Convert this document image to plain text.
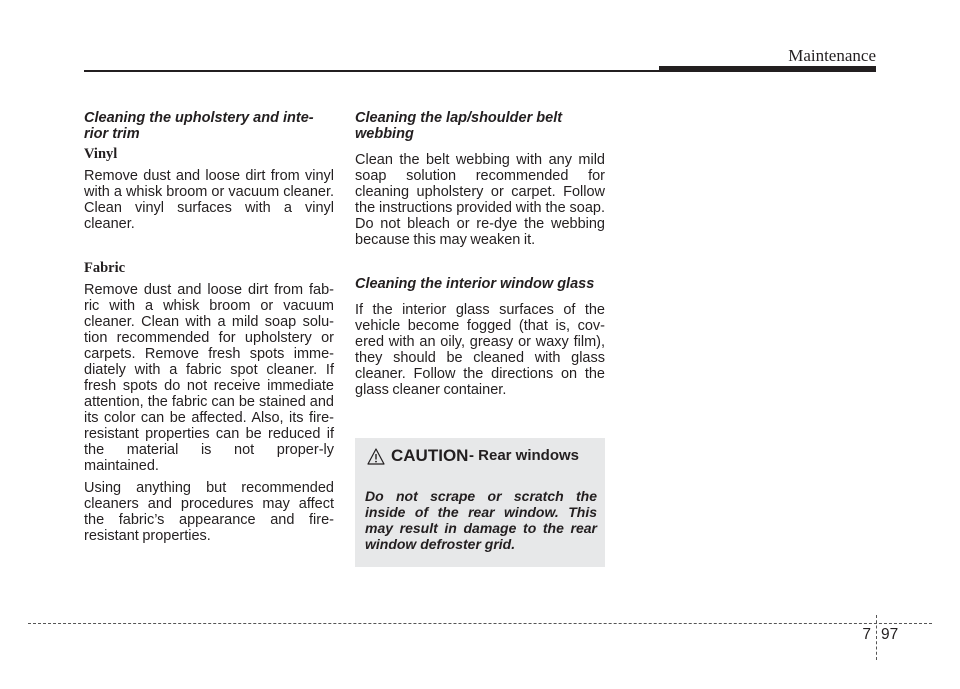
Maintenance

Cleaning the upholstery and inte-rior trim

Vinyl

Remove dust and loose dirt from vinyl with a whisk broom or vacuum cleaner. Clean vinyl surfaces with a vinyl cleaner.

Fabric

Remove dust and loose dirt from fab-ric with a whisk broom or vacuum cleaner. Clean with a mild soap solu-tion recommended for upholstery or carpets. Remove fresh spots imme-diately with a fabric spot cleaner. If fresh spots do not receive immediate attention, the fabric can be stained and its color can be affected. Also, its fire-resistant properties can be reduced if the material is not proper-ly maintained.

Using anything but recommended cleaners and procedures may affect the fabric’s appearance and fire-resistant properties.

Cleaning the lap/shoulder belt webbing

Clean the belt webbing with any mild soap solution recommended for cleaning upholstery or carpet. Follow the instructions provided with the soap. Do not bleach or re-dye the webbing because this may weaken it.

Cleaning the interior window glass

If the interior glass surfaces of the vehicle become fogged (that is, cov-ered with an oily, greasy or waxy film), they should be cleaned with glass cleaner. Follow the directions on the glass cleaner container.

CAUTION - Rear windows

Do not scrape or scratch the inside of the rear window. This may result in damage to the rear window defroster grid.

7 97
